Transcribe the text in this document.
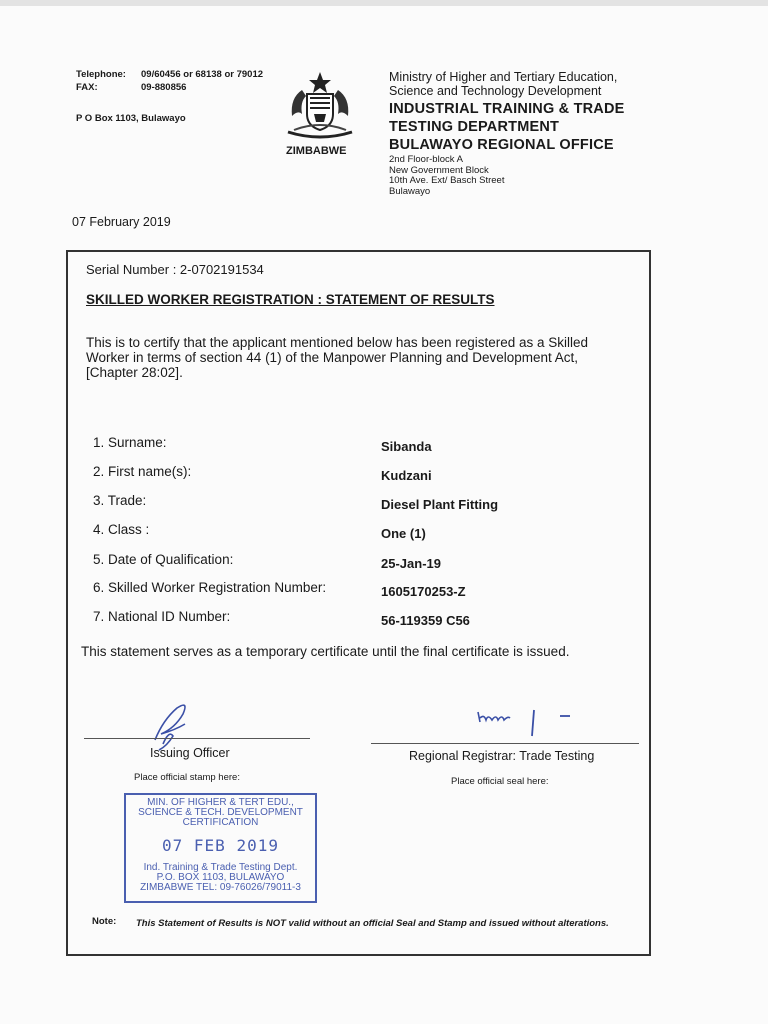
Telephone: 09/60456 or 68138 or 79012
FAX:	09-880856
P O Box 1103, Bulawayo
ZIMBABWE
Ministry of Higher and Tertiary Education,
Science and Technology Development
INDUSTRIAL TRAINING & TRADE
TESTING DEPARTMENT
BULAWAYO REGIONAL OFFICE
2nd Floor-block A
New Government Block
10th Ave. Ext/ Basch Street
Bulawayo
07 February 2019
Serial Number : 2-0702191534
SKILLED WORKER REGISTRATION : STATEMENT OF RESULTS
This is to certify that the applicant mentioned below has been registered as a Skilled Worker in terms of section 44 (1) of the Manpower Planning and Development Act, [Chapter 28:02].
1. Surname:	Sibanda
2. First name(s):	Kudzani
3. Trade:	Diesel Plant Fitting
4. Class :	One (1)
5. Date of Qualification:	25-Jan-19
6. Skilled Worker Registration Number:	1605170253-Z
7. National ID Number:	56-119359 C56
This statement serves as a temporary certificate until the final certificate is issued.
Issuing Officer
Place official stamp here:
Regional Registrar: Trade Testing
Place official seal here:
MIN. OF HIGHER & TERT EDU.,
SCIENCE & TECH. DEVELOPMENT
CERTIFICATION
07 FEB 2019
Ind. Training & Trade Testing Dept.
P.O. BOX 1103, BULAWAYO
ZIMBABWE TEL: 09-76026/79011-3
Note: This Statement of Results is NOT valid without an official Seal and Stamp and issued without alterations.
